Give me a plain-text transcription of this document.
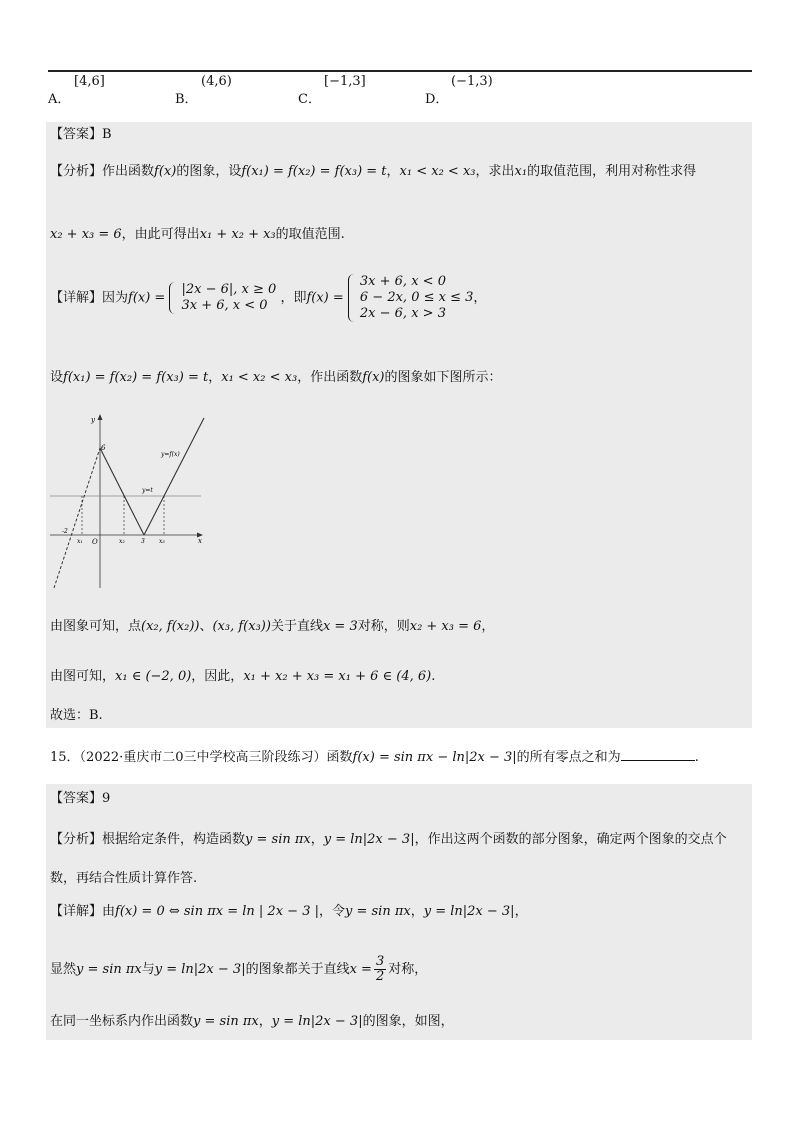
A．
[4,6]
B．
(4,6)
C．
[−1,3]
D．
(−1,3)
【答案】B
【分析】作出函数f(x)的图象，设f(x₁) = f(x₂) = f(x₃) = t，x₁ < x₂ < x₃，求出x₁的取值范围，利用对称性求得
x₂ + x₃ = 6，由此可得出x₁ + x₂ + x₃的取值范围.
【详解】因为f(x) =
|2x − 6|, x ≥ 0
3x + 6, x < 0 ，即f(x) =
3x + 6, x < 0
6 − 2x, 0 ≤ x ≤ 3
2x − 6, x > 3
，
设f(x₁) = f(x₂) = f(x₃) = t，x₁ < x₂ < x₃，作出函数f(x)的图象如下图所示：
y
x
6
y=f(x)
y=t
-2
O
x₁	x₂	3 x₃
由图象可知，点(x₂, f(x₂))、(x₃, f(x₃))关于直线x = 3对称，则x₂ + x₃ = 6，
由图可知，x₁ ∈ (−2, 0)，因此，x₁ + x₂ + x₃ = x₁ + 6 ∈ (4, 6).
故选：B.
15．（2022·重庆市二0三中学校高三阶段练习）函数f(x) = sin πx − ln|2x − 3|的所有零点之和为	.
【答案】9
【分析】根据给定条件，构造函数y = sin πx，y = ln|2x − 3|，作出这两个函数的部分图象，确定两个图象的交点个
数，再结合性质计算作答.
【详解】由f(x) = 0 ⇔ sin πx = ln | 2x − 3 |，令y = sin πx，y = ln|2x − 3|，
显然y = sin πx与y = ln|2x − 3|的图象都关于直线$x = \frac{3}{2}$ 对称，
在同一坐标系内作出函数y = sin πx，y = ln|2x − 3|的图象，如图，
